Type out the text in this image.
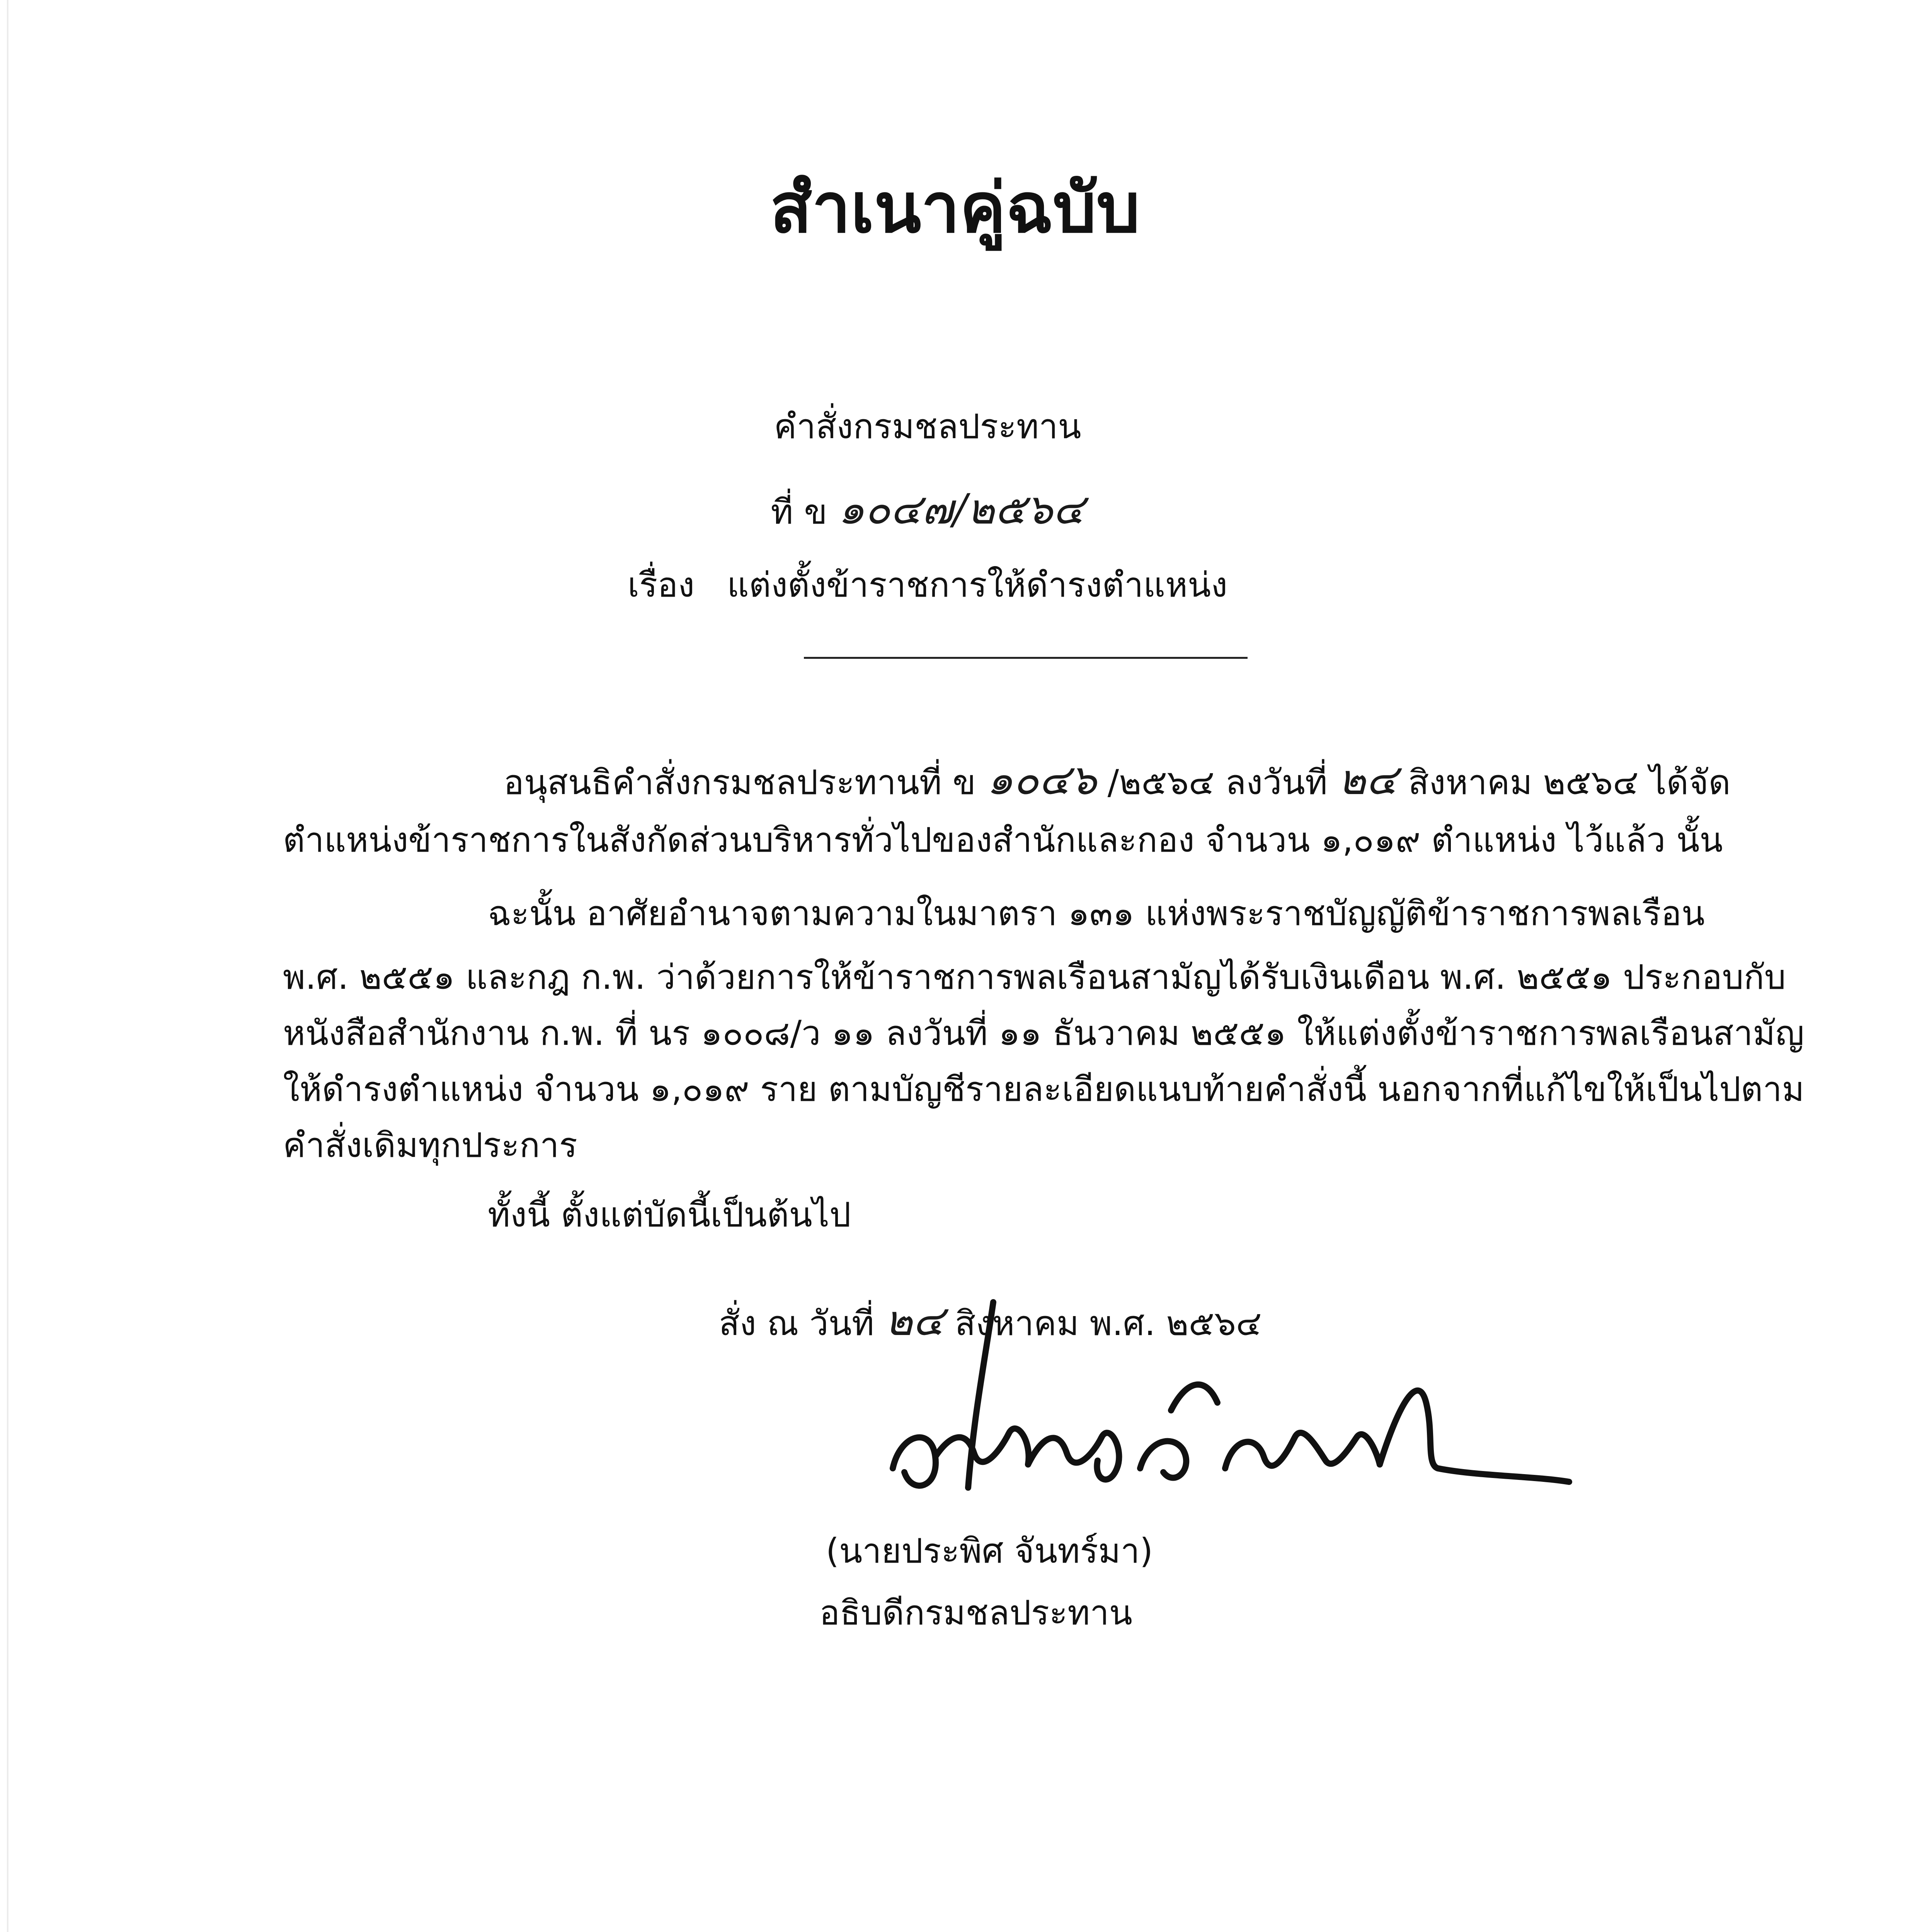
สำเนาคู่ฉบับ
คำสั่งกรมชลประทาน
ที่ ข ๑๐๔๗/๒๕๖๔
เรื่อง แต่งตั้งข้าราชการให้ดำรงตำแหน่ง
อนุสนธิคำสั่งกรมชลประทานที่ ข ๑๐๔๖ /๒๕๖๔ ลงวันที่ ๒๔ สิงหาคม ๒๕๖๔ ได้จัด
ตำแหน่งข้าราชการในสังกัดส่วนบริหารทั่วไปของสำนักและกอง จำนวน ๑,๐๑๙ ตำแหน่ง ไว้แล้ว นั้น
ฉะนั้น อาศัยอำนาจตามความในมาตรา ๑๓๑ แห่งพระราชบัญญัติข้าราชการพลเรือน
พ.ศ. ๒๕๕๑ และกฎ ก.พ. ว่าด้วยการให้ข้าราชการพลเรือนสามัญได้รับเงินเดือน พ.ศ. ๒๕๕๑ ประกอบกับ
หนังสือสำนักงาน ก.พ. ที่ นร ๑๐๐๘/ว ๑๑ ลงวันที่ ๑๑ ธันวาคม ๒๕๕๑ ให้แต่งตั้งข้าราชการพลเรือนสามัญ
ให้ดำรงตำแหน่ง จำนวน ๑,๐๑๙ ราย ตามบัญชีรายละเอียดแนบท้ายคำสั่งนี้ นอกจากที่แก้ไขให้เป็นไปตาม
คำสั่งเดิมทุกประการ
ทั้งนี้ ตั้งแต่บัดนี้เป็นต้นไป
สั่ง ณ วันที่ ๒๔ สิงหาคม พ.ศ. ๒๕๖๔
(นายประพิศ จันทร์มา)
อธิบดีกรมชลประทาน
